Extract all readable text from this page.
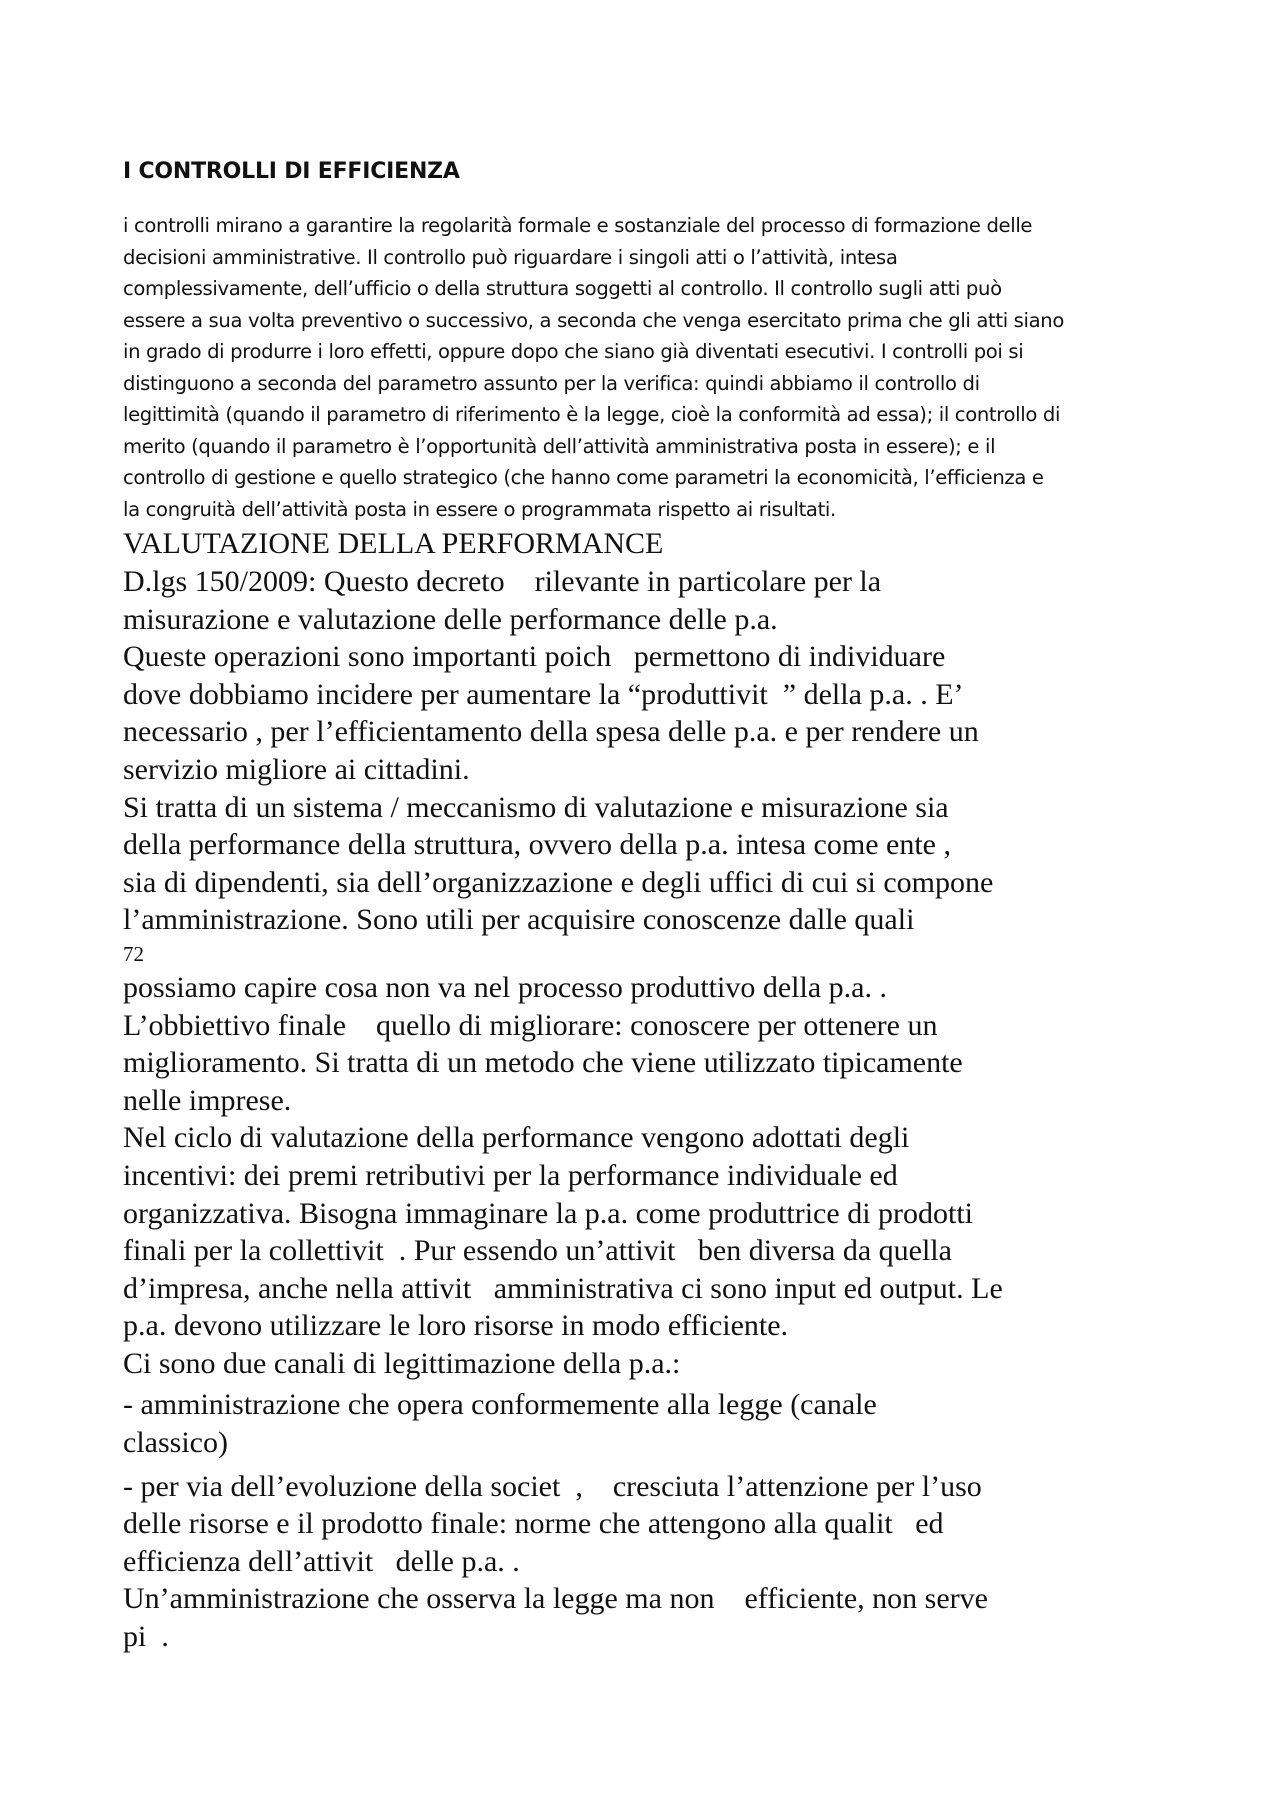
I CONTROLLI DI EFFICIENZA

i controlli mirano a garantire la regolarità formale e sostanziale del processo di formazione delle
decisioni amministrative. Il controllo può riguardare i singoli atti o l’attività, intesa
complessivamente, dell’ufficio o della struttura soggetti al controllo. Il controllo sugli atti può
essere a sua volta preventivo o successivo, a seconda che venga esercitato prima che gli atti siano
in grado di produrre i loro effetti, oppure dopo che siano già diventati esecutivi. I controlli poi si
distinguono a seconda del parametro assunto per la verifica: quindi abbiamo il controllo di
legittimità (quando il parametro di riferimento è la legge, cioè la conformità ad essa); il controllo di
merito (quando il parametro è l’opportunità dell’attività amministrativa posta in essere); e il
controllo di gestione e quello strategico (che hanno come parametri la economicità, l’efficienza e
la congruità dell’attività posta in essere o programmata rispetto ai risultati.

VALUTAZIONE DELLA PERFORMANCE
D.lgs 150/2009: Questo decreto    rilevante in particolare per la
misurazione e valutazione delle performance delle p.a.
Queste operazioni sono importanti poich   permettono di individuare
dove dobbiamo incidere per aumentare la “produttivit  ” della p.a. . E’
necessario , per l’efficientamento della spesa delle p.a. e per rendere un
servizio migliore ai cittadini.
Si tratta di un sistema / meccanismo di valutazione e misurazione sia
della performance della struttura, ovvero della p.a. intesa come ente ,
sia di dipendenti, sia dell’organizzazione e degli uffici di cui si compone
l’amministrazione. Sono utili per acquisire conoscenze dalle quali
72
possiamo capire cosa non va nel processo produttivo della p.a. .
L’obbiettivo finale    quello di migliorare: conoscere per ottenere un
miglioramento. Si tratta di un metodo che viene utilizzato tipicamente
nelle imprese.
Nel ciclo di valutazione della performance vengono adottati degli
incentivi: dei premi retributivi per la performance individuale ed
organizzativa. Bisogna immaginare la p.a. come produttrice di prodotti
finali per la collettivit  . Pur essendo un’attivit   ben diversa da quella
d’impresa, anche nella attivit   amministrativa ci sono input ed output. Le
p.a. devono utilizzare le loro risorse in modo efficiente.
Ci sono due canali di legittimazione della p.a.:
- amministrazione che opera conformemente alla legge (canale
classico)
- per via dell’evoluzione della societ  ,    cresciuta l’attenzione per l’uso
delle risorse e il prodotto finale: norme che attengono alla qualit   ed
efficienza dell’attivit   delle p.a. .
Un’amministrazione che osserva la legge ma non    efficiente, non serve
pi  .
